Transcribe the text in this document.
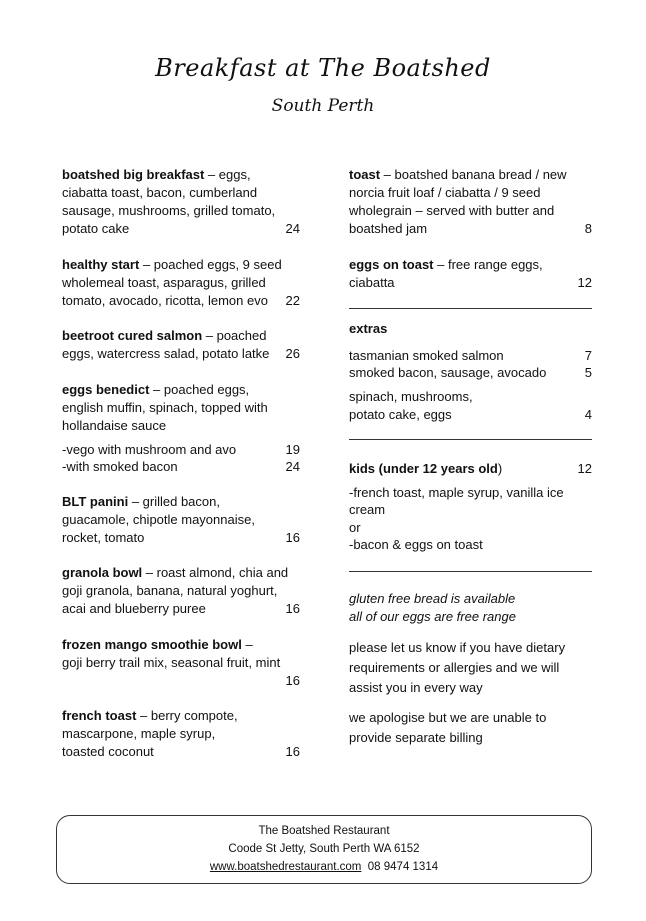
Breakfast at The Boatshed
South Perth
boatshed big breakfast – eggs,
ciabatta toast, bacon, cumberland
sausage, mushrooms, grilled tomato,
potato cake	24
healthy start – poached eggs, 9 seed
wholemeal toast, asparagus, grilled
tomato, avocado, ricotta, lemon evo	22
beetroot cured salmon – poached
eggs, watercress salad, potato latke	26
eggs benedict – poached eggs,
english muffin, spinach, topped with
hollandaise sauce
-vego with mushroom and avo	19
-with smoked bacon	24
BLT panini – grilled bacon,
guacamole, chipotle mayonnaise,
rocket, tomato	16
granola bowl – roast almond, chia and
goji granola, banana, natural yoghurt,
acai and blueberry puree	16
frozen mango smoothie bowl –
goji berry trail mix, seasonal fruit, mint
16
french toast – berry compote,
mascarpone, maple syrup,
toasted coconut	16
toast – boatshed banana bread / new
norcia fruit loaf / ciabatta / 9 seed
wholegrain – served with butter and
boatshed jam	8
eggs on toast – free range eggs,
ciabatta	12
extras
tasmanian smoked salmon	7
smoked bacon, sausage, avocado	5
spinach, mushrooms,
potato cake, eggs	4
kids (under 12 years old)	12
-french toast, maple syrup, vanilla ice
cream
or
-bacon & eggs on toast
gluten free bread is available
all of our eggs are free range
please let us know if you have dietary
requirements or allergies and we will
assist you in every way
we apologise but we are unable to
provide separate billing
The Boatshed Restaurant
Coode St Jetty, South Perth WA 6152
www.boatshedrestaurant.com  08 9474 1314
